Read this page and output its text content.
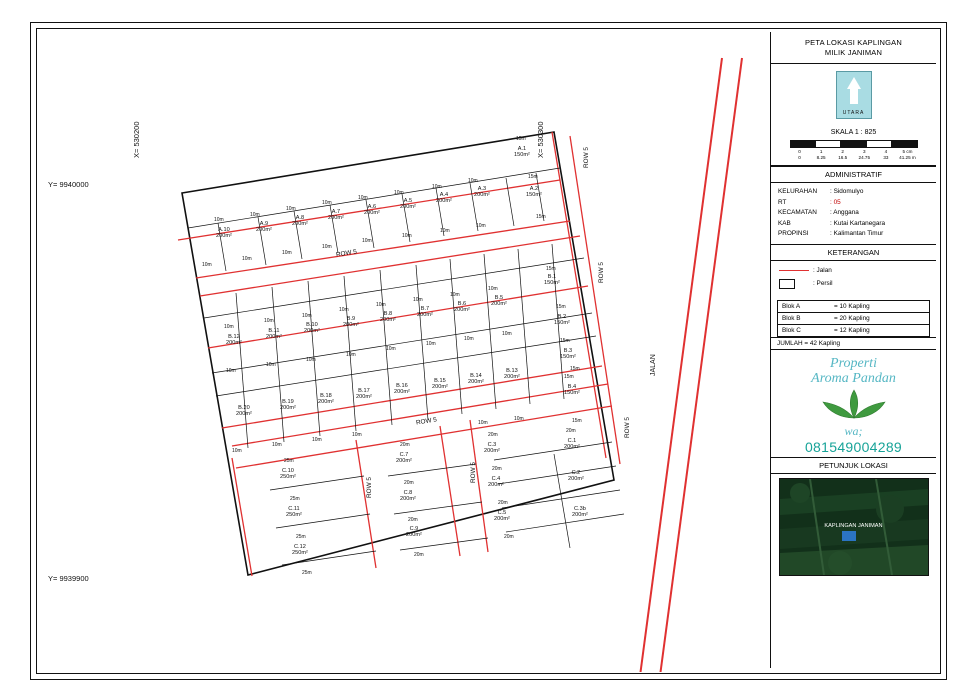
X= 530200	X= 530300
Y= 9940000
Y= 9939900
ROW 5
ROW 5
ROW 5
ROW 5
ROW 5
ROW 5
ROW 5
JALAN
A.1
150m²
A.2
150m²
A.3
200m²
A.4
200m²
A.5
200m²
A.6
200m²
A.7
200m²
A.8
200m²
A.9
200m²
A.10
200m²
B.1
150m²
B.2
150m²
B.3
150m²
B.4
150m²
B.5
200m²
B.6
200m²
B.7
200m²
B.8
200m²
B.9
200m²
B.10
200m²
B.11
200m²
B.12
200m²
B.13
200m²
B.14
200m²
B.15
200m²
B.16
200m²
B.17
200m²
B.18
200m²
B.19
200m²
B.20
200m²
C.1
200m²
C.2
200m²
C.3
200m²
C.3b
200m²
C.4
200m²
C.5
200m²
C.7
200m²
C.8
200m²
C.9
200m²
C.10
250m²
C.11
250m²
C.12
250m²
15m
15m
10m
10m
10m
10m
10m
10m
10m
10m
10m
10m
10m
10m
10m
10m
10m
10m
15m
15m
15m
15m
15m
10m
10m
10m
10m
10m
10m
10m
10m
10m
10m
10m
10m
10m
10m
10m
10m
10m
10m
10m
10m
10m
10m	15m
15m
25m
25m
25m
25m
20m
20m
20m
20m
20m
20m
20m
20m
20m
PETA LOKASI KAPLINGAN
MILIK JANIMAN
UTARA
SKALA 1 : 825
0	1	2	3	4	5 cm
0	8.25	16.5	24.75	33	41.25 m
ADMINISTRATIF
KELURAHAN	: Sidomulyo
RT	: 05
KECAMATAN	: Anggana
KAB	: Kutai Kartanegara
PROPINSI	: Kalimantan Timur
KETERANGAN
: Jalan
: Persil
Blok A	= 10 Kapling
Blok B	= 20 Kapling
Blok C	= 12 Kapling
JUMLAH = 42 Kapling
Properti
Aroma Pandan
wa;
081549004289
PETUNJUK LOKASI
KAPLINGAN JANIMAN
